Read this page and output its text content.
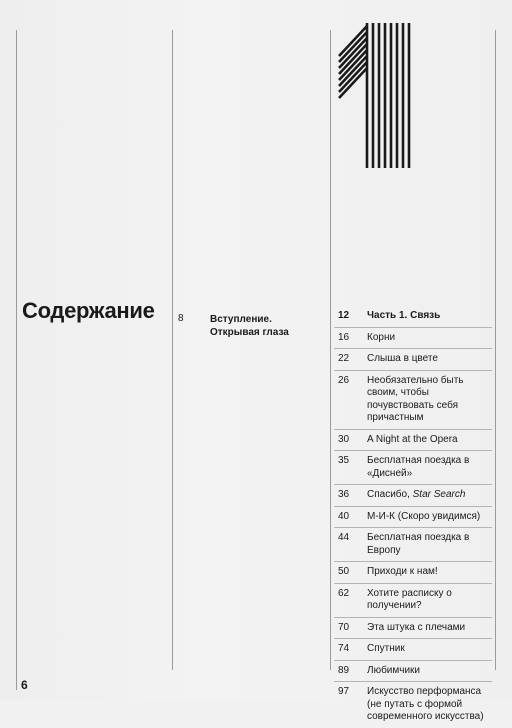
Содержание 8	Вступление. Открывая глаза
12 Часть 1. Связь
16 Корни
22 Слыша в цвете
26 Необязательно быть своим, чтобы почувствовать себя причастным
30 A Night at the Opera
35 Бесплатная поездка в «Дисней»
36 Спасибо, Star Search
40 М-И-К (Скоро увидимся)
44 Бесплатная поездка в Европу
50 Приходи к нам!
62 Хотите расписку о получении?
70 Эта штука с плечами
74 Спутник
89 Любимчики
97 Искусство перформанса (не путать с формой современного искусства)
6
